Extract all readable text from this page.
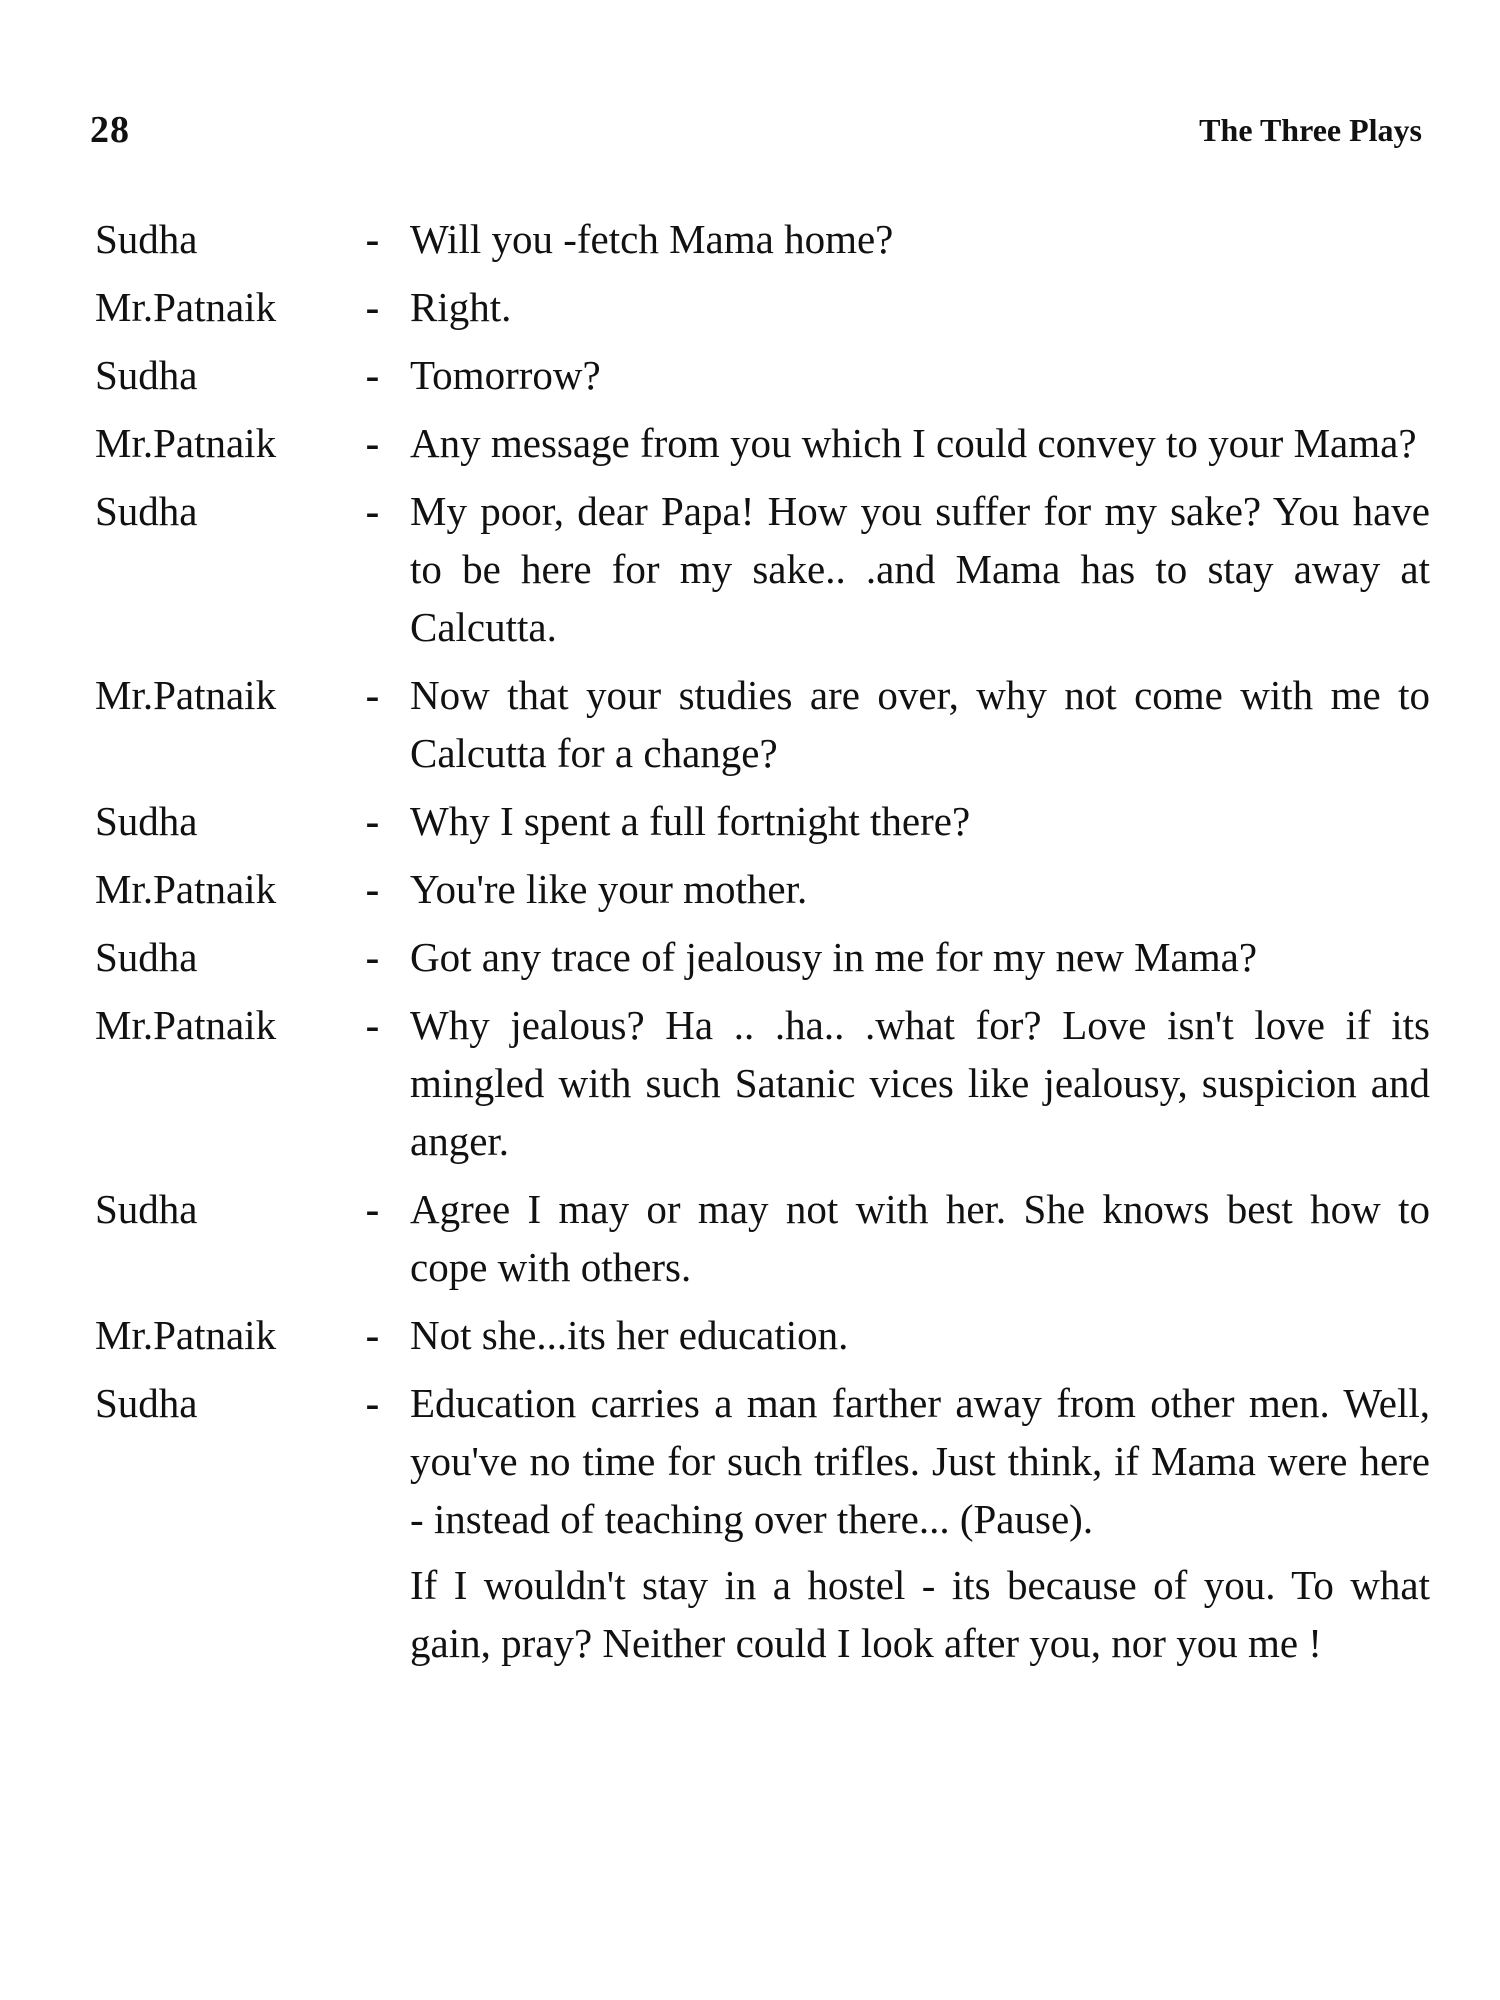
28	The Three Plays
Sudha	- Will you -fetch Mama home?

Mr.Patnaik	- Right.

Sudha	- Tomorrow?

Mr.Patnaik	- Any message from you which I could convey to your Mama?

Sudha	- My poor, dear Papa! How you suffer for my sake? You have to be here for my sake.. .and Mama has to stay away at Calcutta.

Mr.Patnaik	- Now that your studies are over, why not come with me to Calcutta for a change?

Sudha	- Why I spent a full fortnight there?

Mr.Patnaik	- You're like your mother.

Sudha	- Got any trace of jealousy in me for my new Mama?

Mr.Patnaik	- Why jealous? Ha .. .ha.. .what for? Love isn't love if its mingled with such Satanic vices like jealousy, suspicion and anger.

Sudha	- Agree I may or may not with her. She knows best how to cope with others.

Mr.Patnaik	- Not she...its her education.

Sudha	- Education carries a man farther away from other men. Well, you've no time for such trifles. Just think, if Mama were here - instead of teaching over there... (Pause).

If I wouldn't stay in a hostel - its because of you. To what gain, pray? Neither could I look after you, nor you me !
